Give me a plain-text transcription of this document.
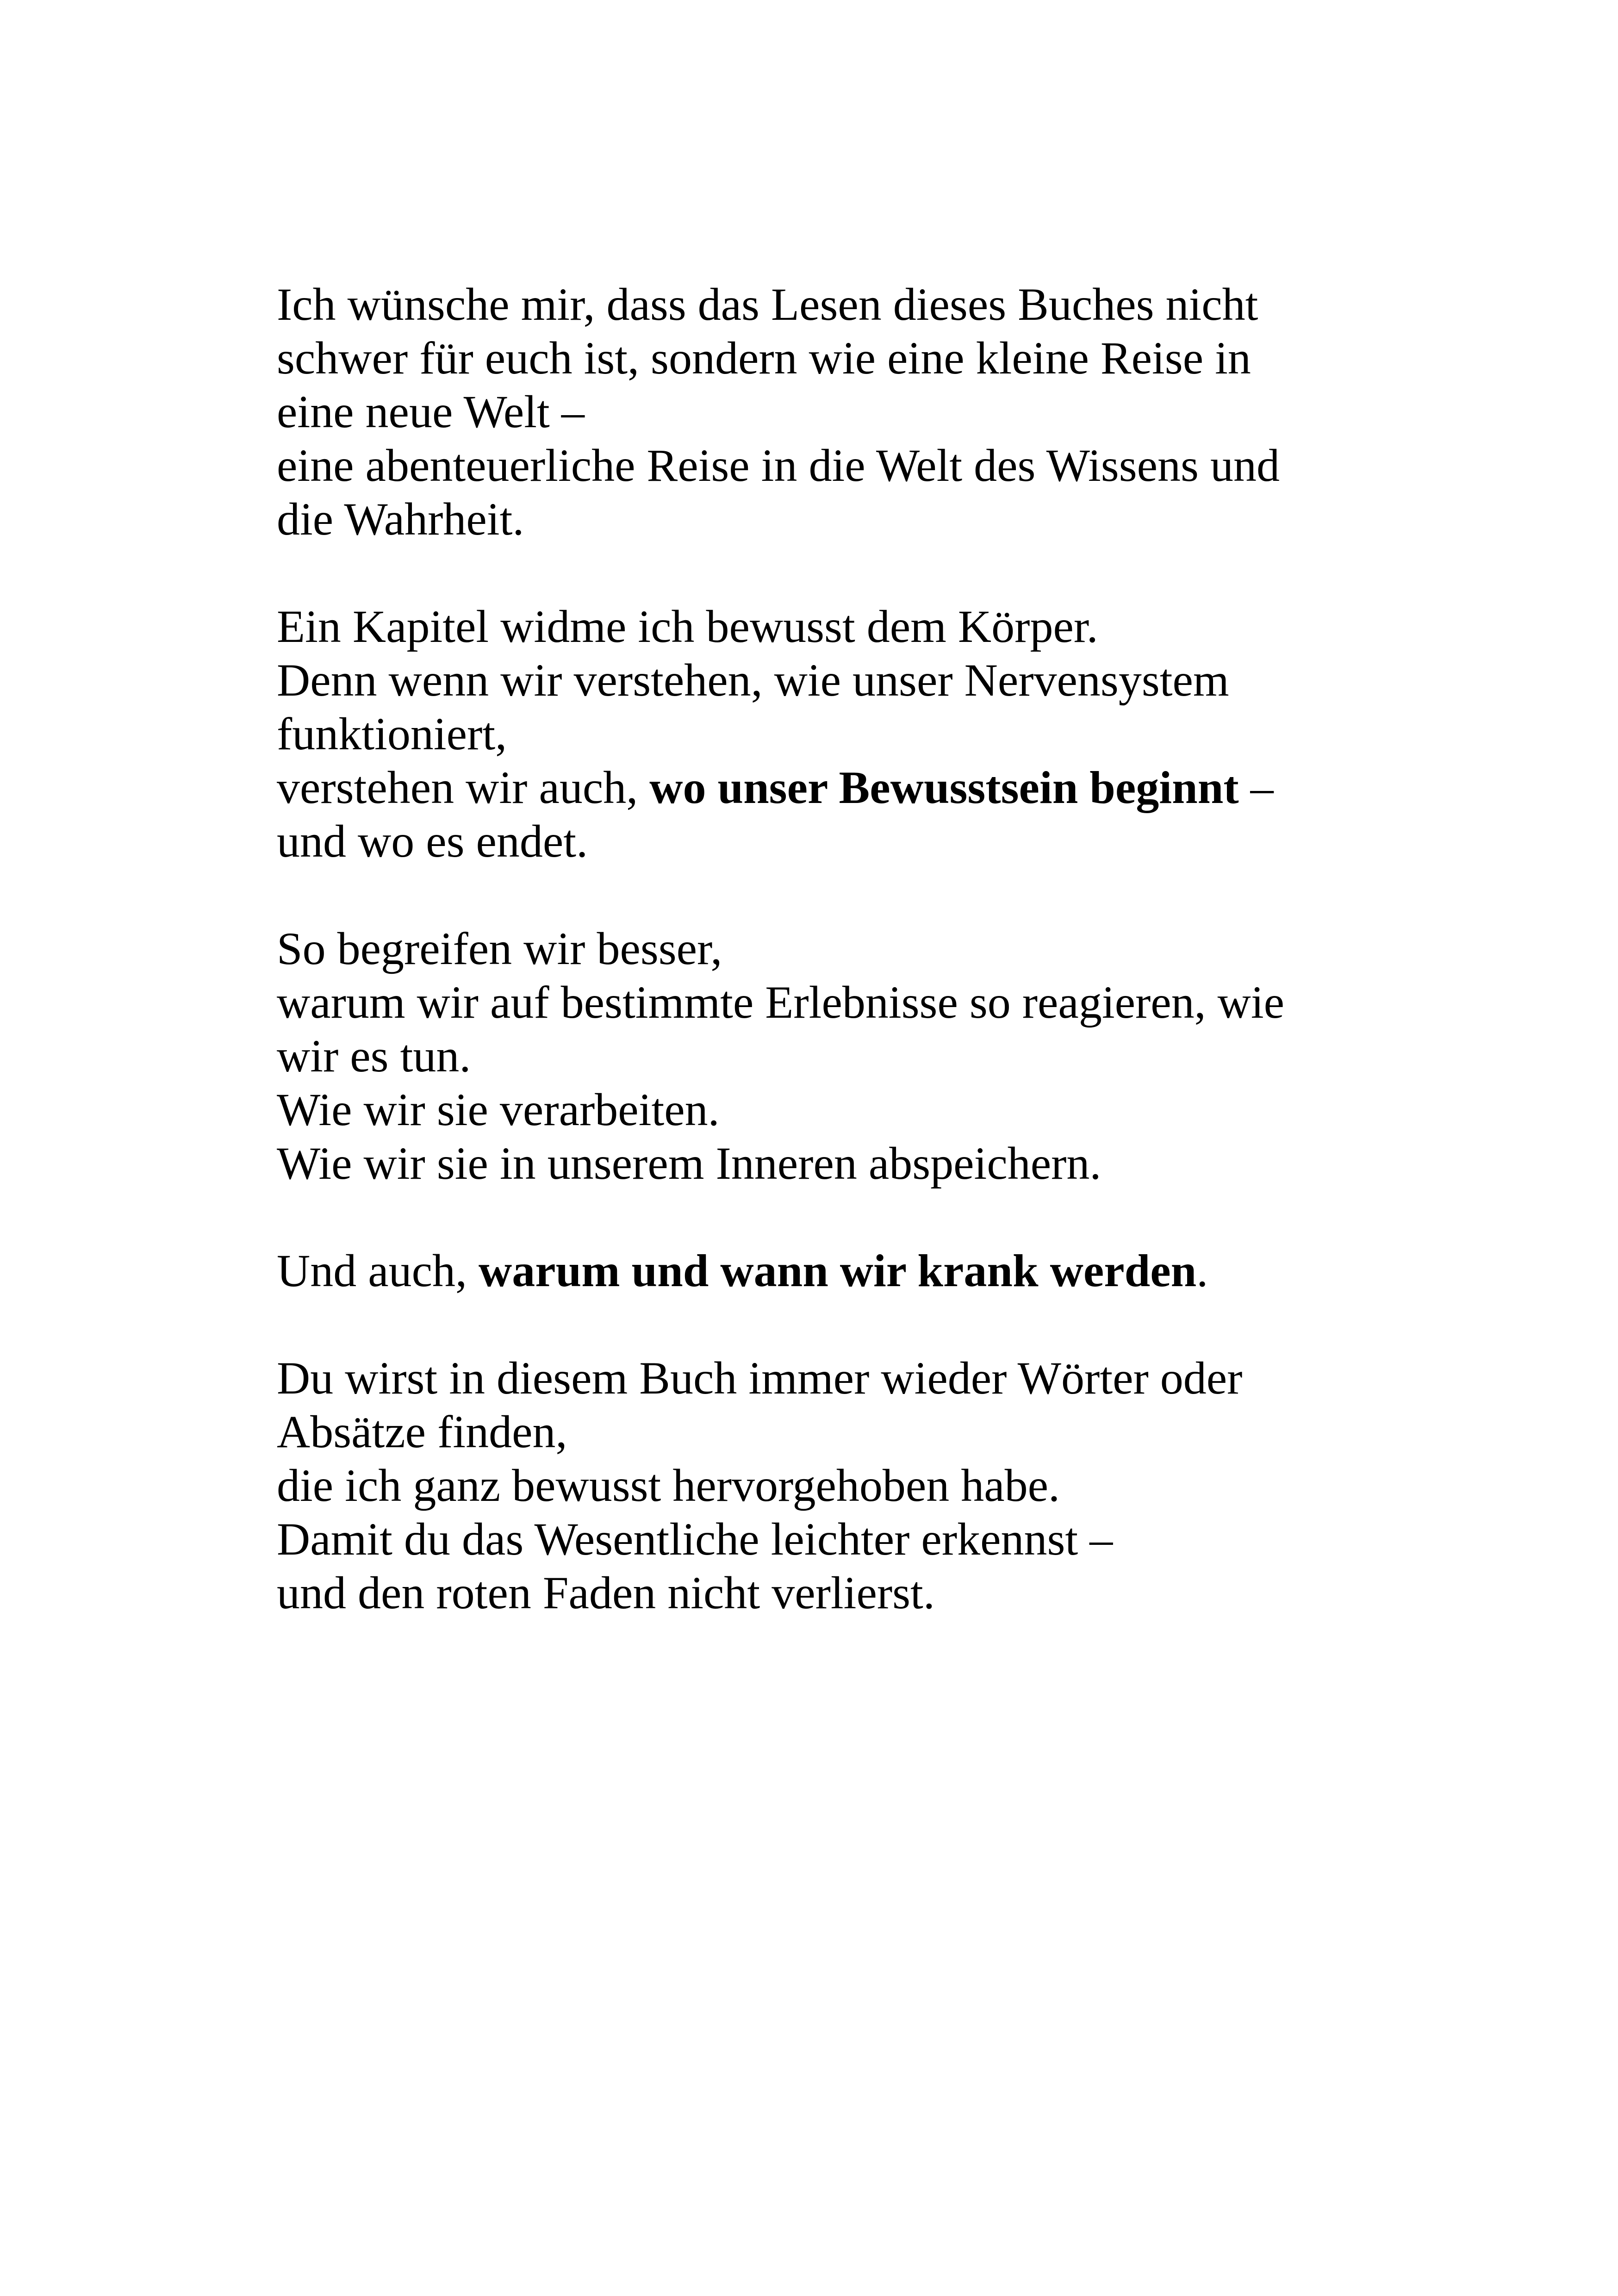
Ich wünsche mir, dass das Lesen dieses Buches nicht
schwer für euch ist, sondern wie eine kleine Reise in
eine neue Welt –
eine abenteuerliche Reise in die Welt des Wissens und
die Wahrheit.

Ein Kapitel widme ich bewusst dem Körper.
Denn wenn wir verstehen, wie unser Nervensystem
funktioniert,
verstehen wir auch, wo unser Bewusstsein beginnt –
und wo es endet.

So begreifen wir besser,
warum wir auf bestimmte Erlebnisse so reagieren, wie
wir es tun.
Wie wir sie verarbeiten.
Wie wir sie in unserem Inneren abspeichern.

Und auch, warum und wann wir krank werden.

Du wirst in diesem Buch immer wieder Wörter oder
Absätze finden,
die ich ganz bewusst hervorgehoben habe.
Damit du das Wesentliche leichter erkennst –
und den roten Faden nicht verlierst.
